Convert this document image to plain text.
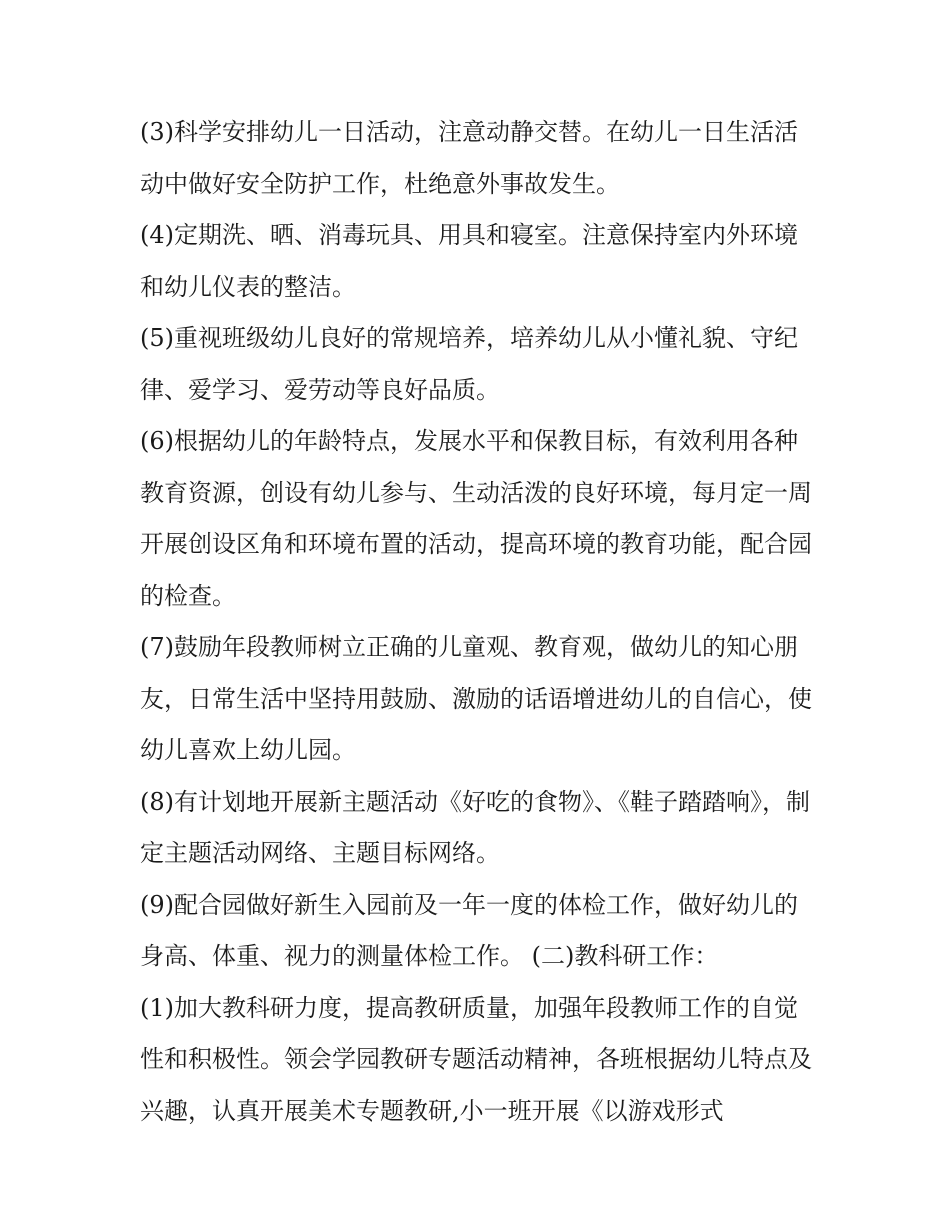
(3)科学安排幼儿一日活动，注意动静交替。在幼儿一日生活活动中做好安全防护工作，杜绝意外事故发生。

(4)定期洗、晒、消毒玩具、用具和寝室。注意保持室内外环境和幼儿仪表的整洁。

(5)重视班级幼儿良好的常规培养，培养幼儿从小懂礼貌、守纪律、爱学习、爱劳动等良好品质。

(6)根据幼儿的年龄特点，发展水平和保教目标，有效利用各种教育资源，创设有幼儿参与、生动活泼的良好环境，每月定一周开展创设区角和环境布置的活动，提高环境的教育功能，配合园的检查。

(7)鼓励年段教师树立正确的儿童观、教育观，做幼儿的知心朋友，日常生活中坚持用鼓励、激励的话语增进幼儿的自信心，使幼儿喜欢上幼儿园。

(8)有计划地开展新主题活动《好吃的食物》、《鞋子踏踏响》，制定主题活动网络、主题目标网络。

(9)配合园做好新生入园前及一年一度的体检工作，做好幼儿的身高、体重、视力的测量体检工作。 (二)教科研工作：

(1)加大教科研力度，提高教研质量，加强年段教师工作的自觉性和积极性。领会学园教研专题活动精神，各班根据幼儿特点及兴趣，认真开展美术专题教研,小一班开展《以游戏形式
